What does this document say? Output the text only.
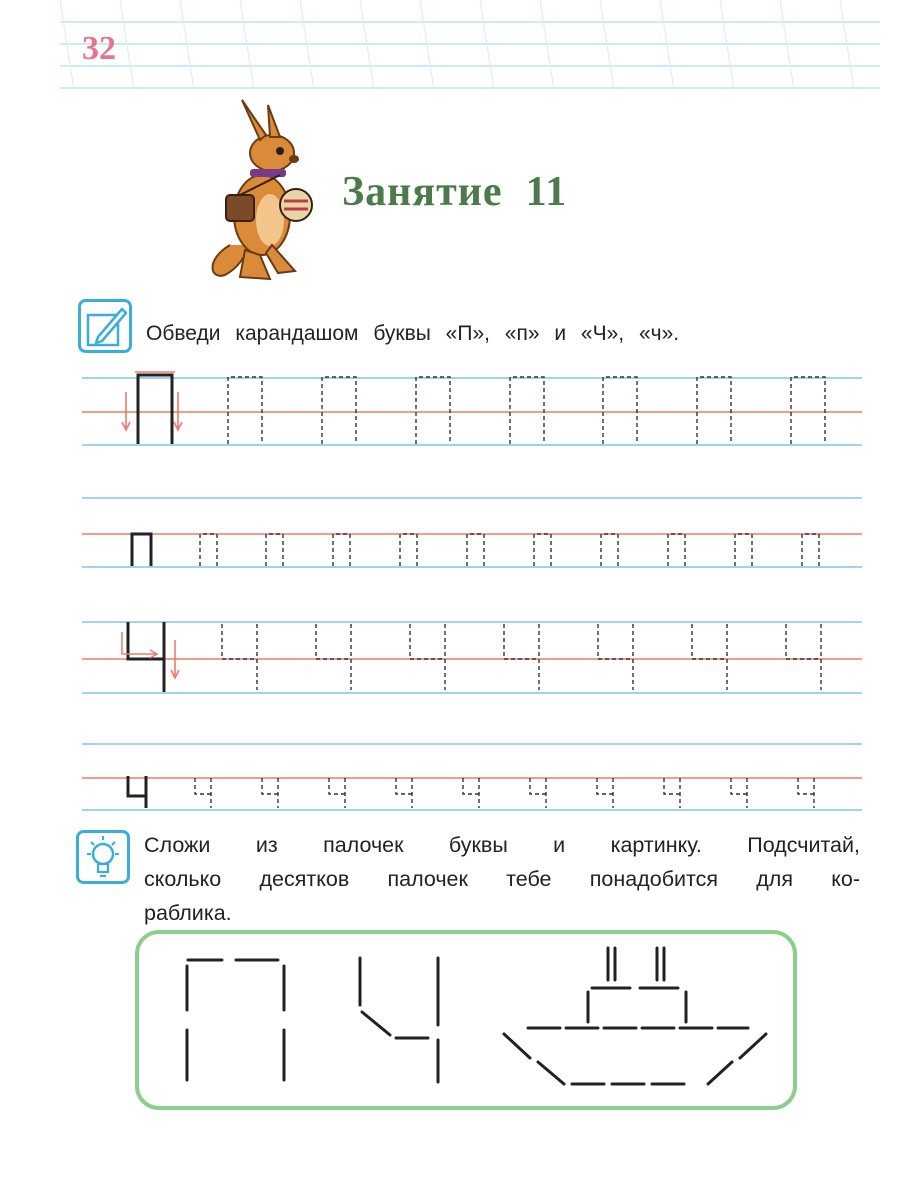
32
Занятие  11
Обведи карандашом буквы «П», «п» и «Ч», «ч».
Сложи из палочек буквы и картинку. Подсчитай,
сколько десятков палочек тебе понадобится для ко-
раблика.
